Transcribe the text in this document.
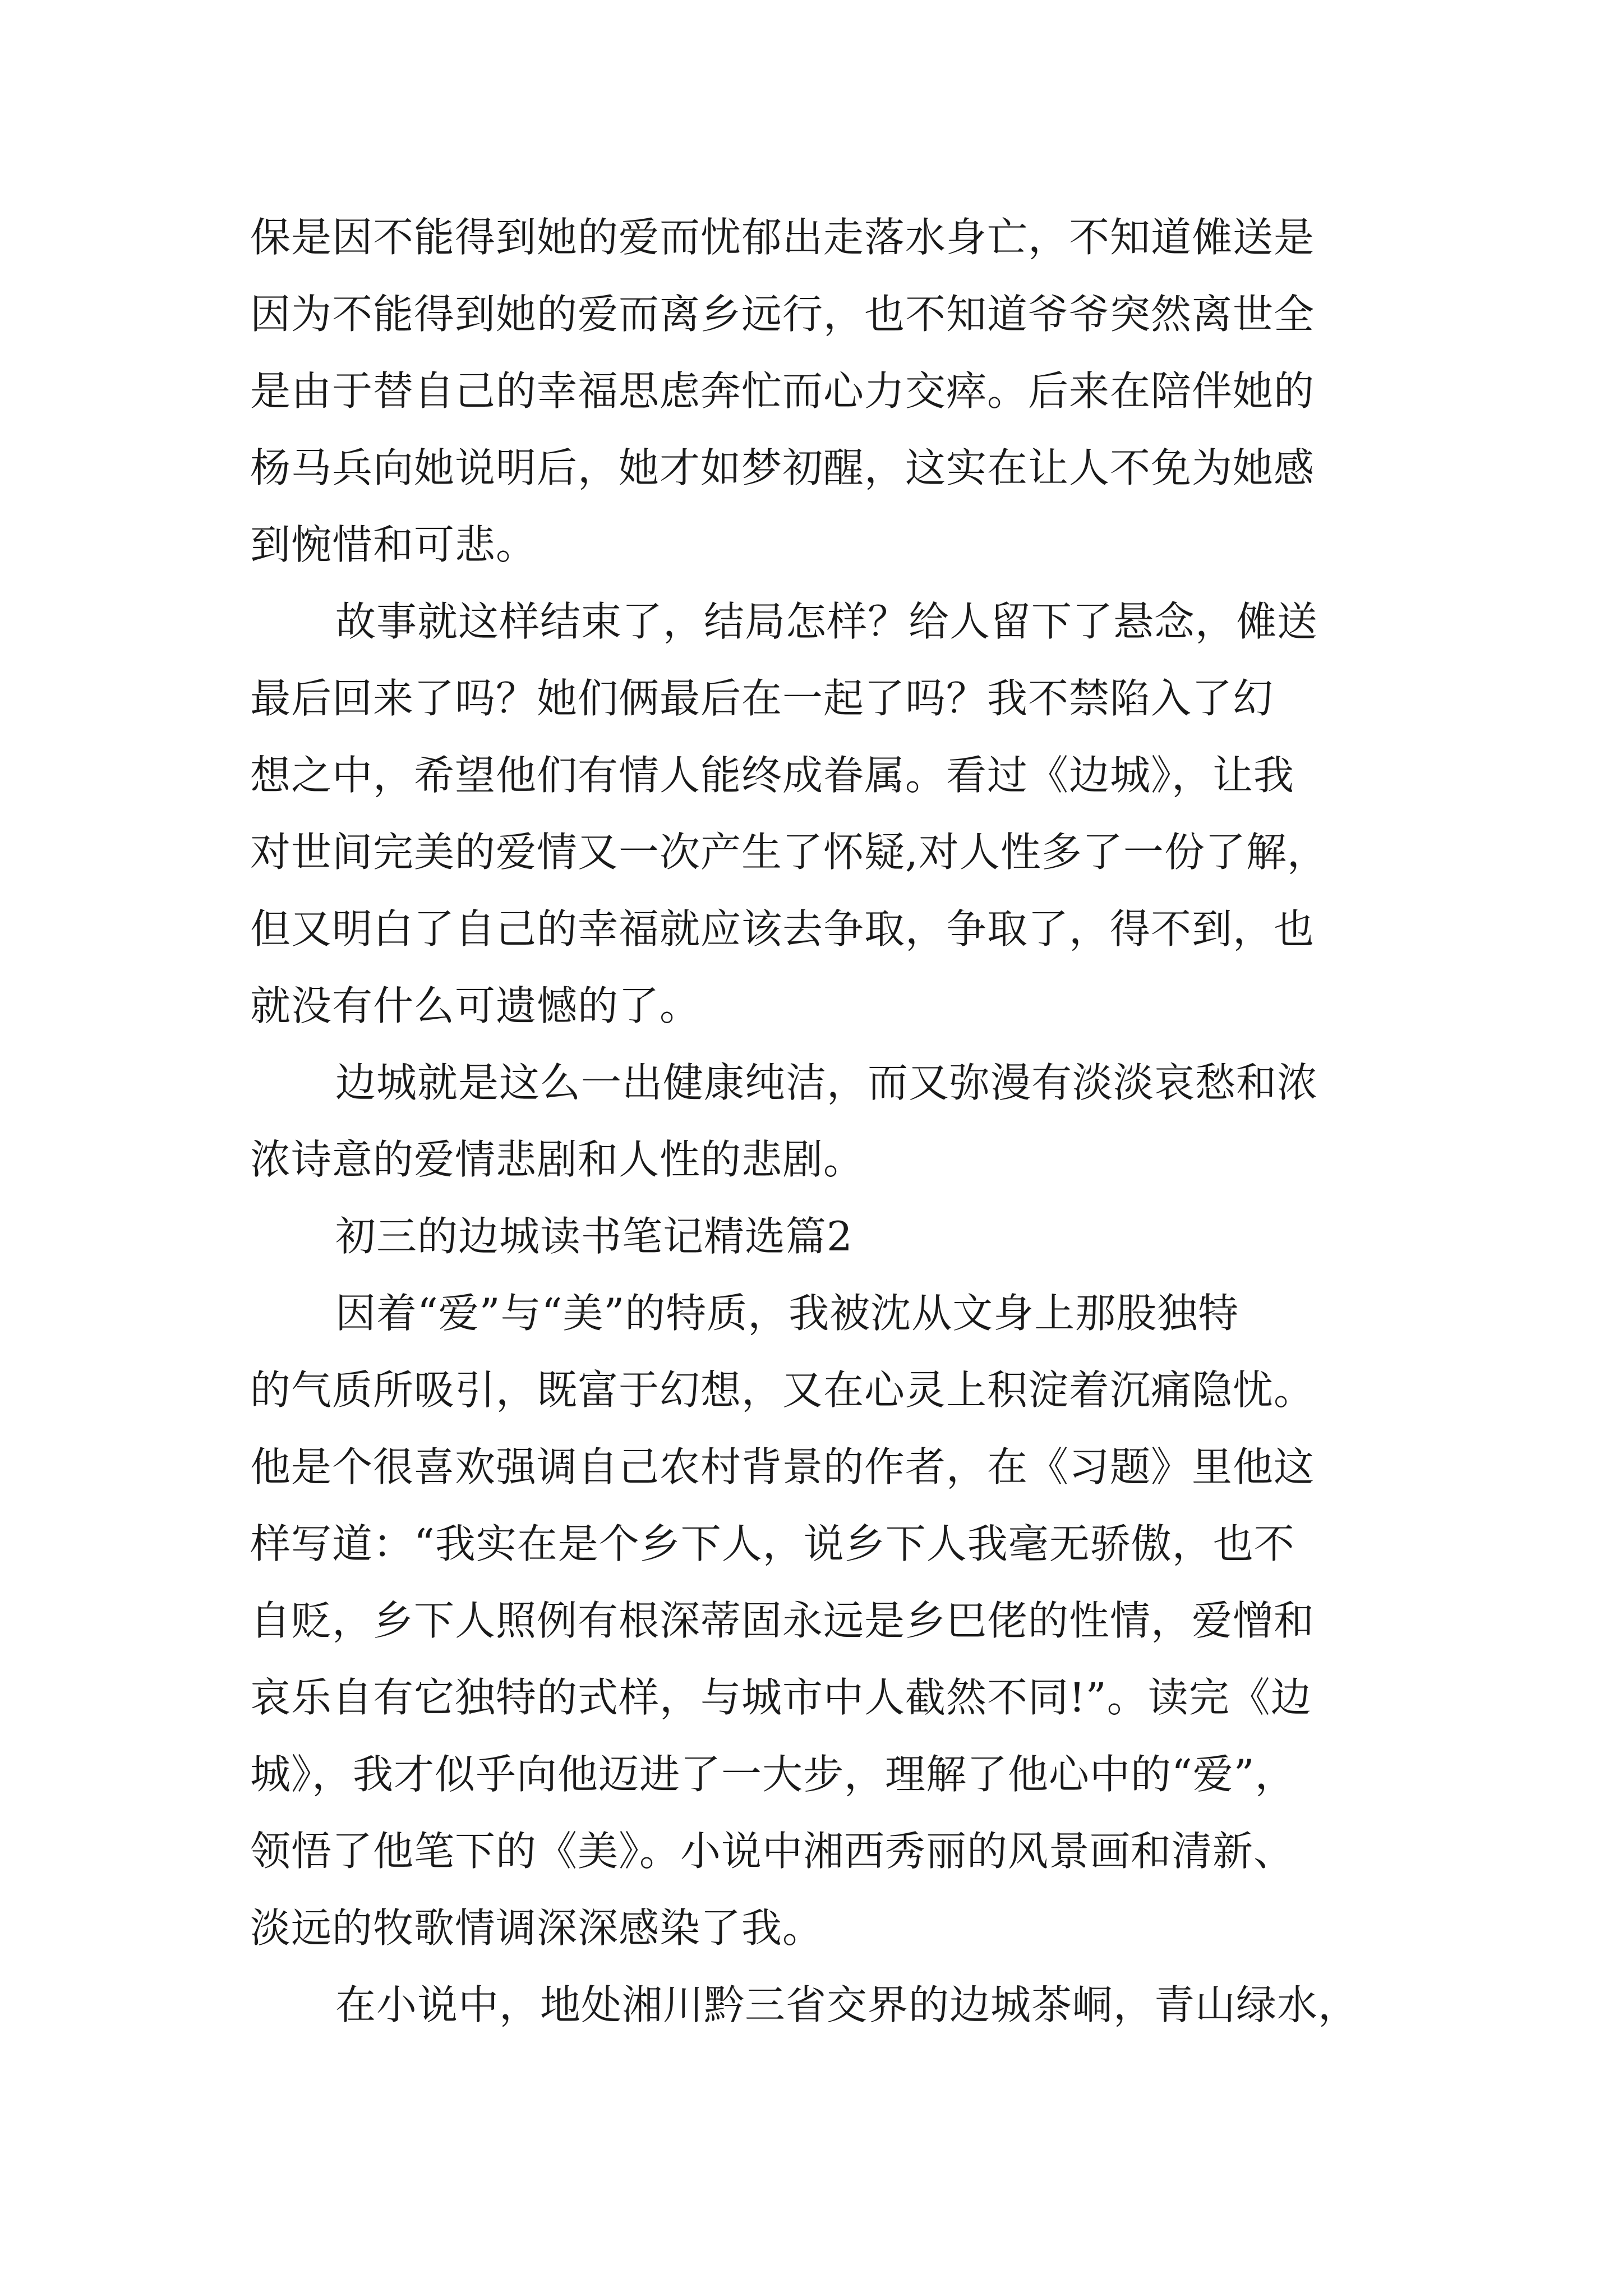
保是因不能得到她的爱而忧郁出走落水身亡，不知道傩送是
因为不能得到她的爱而离乡远行，也不知道爷爷突然离世全
是由于替自己的幸福思虑奔忙而心力交瘁。后来在陪伴她的
杨马兵向她说明后，她才如梦初醒，这实在让人不免为她感
到惋惜和可悲。
故事就这样结束了，结局怎样？给人留下了悬念，傩送
最后回来了吗？她们俩最后在一起了吗？我不禁陷入了幻
想之中，希望他们有情人能终成眷属。看过《边城》，让我
对世间完美的爱情又一次产生了怀疑,对人性多了一份了解，
但又明白了自己的幸福就应该去争取，争取了，得不到，也
就没有什么可遗憾的了。
边城就是这么一出健康纯洁，而又弥漫有淡淡哀愁和浓
浓诗意的爱情悲剧和人性的悲剧。
初三的边城读书笔记精选篇2
因着“爱”与“美”的特质，我被沈从文身上那股独特
的气质所吸引，既富于幻想，又在心灵上积淀着沉痛隐忧。
他是个很喜欢强调自己农村背景的作者，在《习题》里他这
样写道：“我实在是个乡下人，说乡下人我毫无骄傲，也不
自贬，乡下人照例有根深蒂固永远是乡巴佬的性情，爱憎和
哀乐自有它独特的式样，与城市中人截然不同!”。读完《边
城》，我才似乎向他迈进了一大步，理解了他心中的“爱”，
领悟了他笔下的《美》。小说中湘西秀丽的风景画和清新、
淡远的牧歌情调深深感染了我。
在小说中，地处湘川黔三省交界的边城茶峒，青山绿水，
